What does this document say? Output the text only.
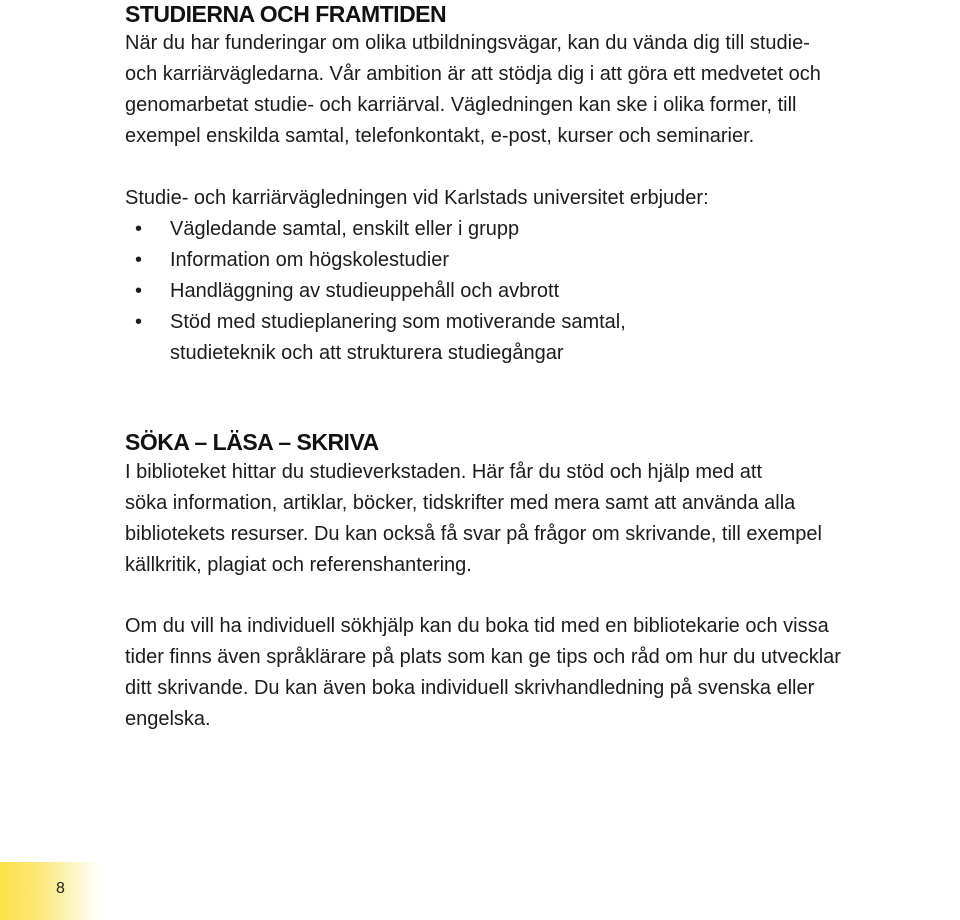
STUDIERNA OCH FRAMTIDEN

När du har funderingar om olika utbildningsvägar, kan du vända dig till studie-
och karriärvägledarna. Vår ambition är att stödja dig i att göra ett medvetet och
genomarbetat studie- och karriärval. Vägledningen kan ske i olika former, till
exempel enskilda samtal, telefonkontakt, e-post, kurser och seminarier.

Studie- och karriärvägledningen vid Karlstads universitet erbjuder:

• Vägledande samtal, enskilt eller i grupp
• Information om högskolestudier
• Handläggning av studieuppehåll och avbrott
• Stöd med studieplanering som motiverande samtal,
studieteknik och att strukturera studiegångar
SÖKA – LÄSA – SKRIVA

I biblioteket hittar du studieverkstaden. Här får du stöd och hjälp med att
söka information, artiklar, böcker, tidskrifter med mera samt att använda alla
bibliotekets resurser. Du kan också få svar på frågor om skrivande, till exempel
källkritik, plagiat och referenshantering.

Om du vill ha individuell sökhjälp kan du boka tid med en bibliotekarie och vissa
tider finns även språklärare på plats som kan ge tips och råd om hur du utvecklar
ditt skrivande. Du kan även boka individuell skrivhandledning på svenska eller
engelska.

8
